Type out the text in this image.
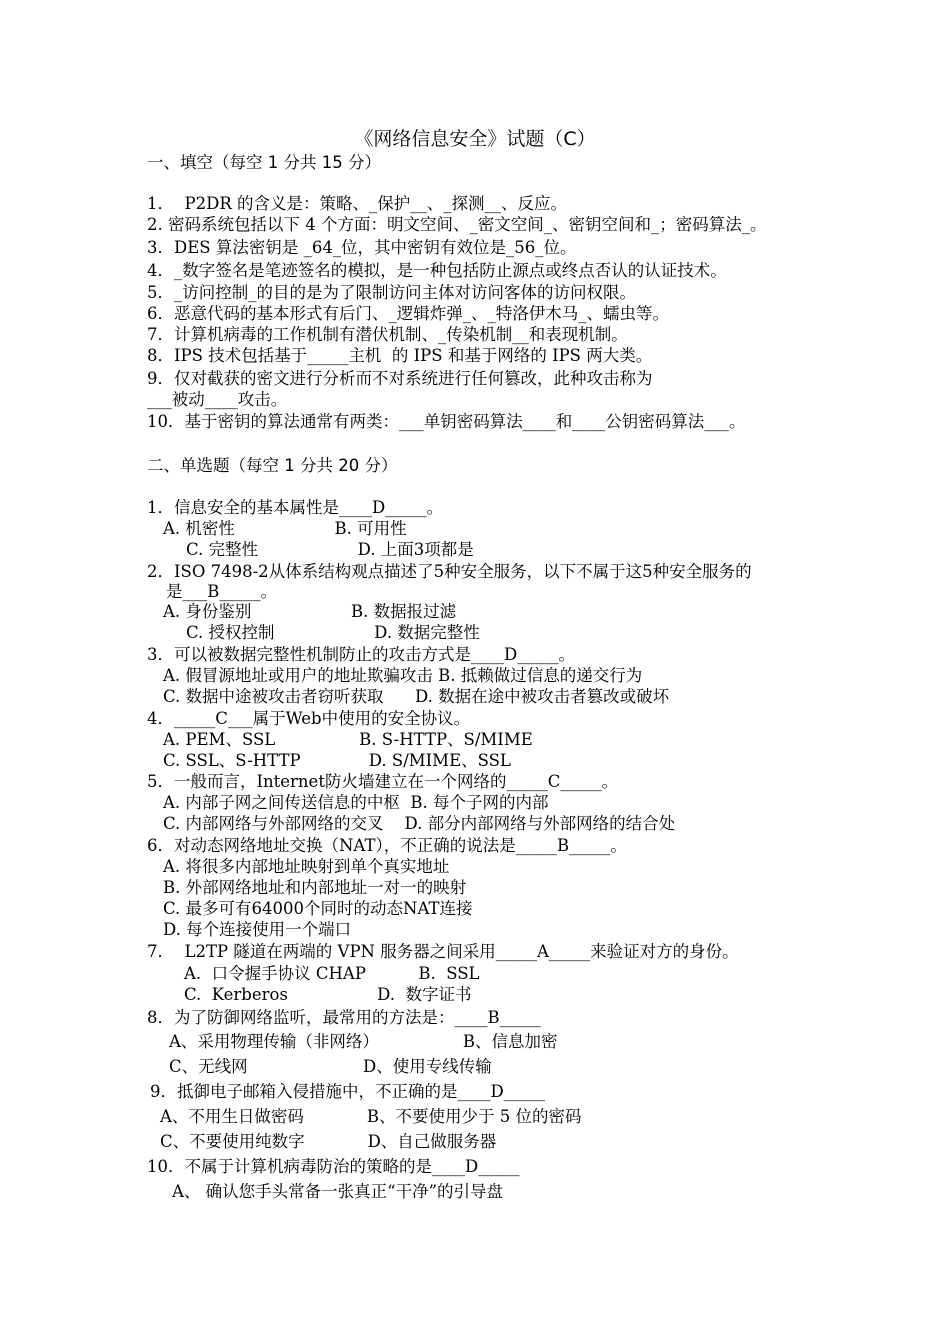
《网络信息安全》试题（C）
一、填空（每空 1 分共 15 分）
1．  P2DR 的含义是：策略、_保护__、_探测__、反应。
2. 密码系统包括以下 4 个方面：明文空间、_密文空间_、密钥空间和_；密码算法_。
3．DES 算法密钥是 _64_位，其中密钥有效位是_56_位。
4．_数字签名是笔迹签名的模拟，是一种包括防止源点或终点否认的认证技术。
5．_访问控制_的目的是为了限制访问主体对访问客体的访问权限。
6．恶意代码的基本形式有后门、_逻辑炸弹_、_特洛伊木马_、蠕虫等。
7．计算机病毒的工作机制有潜伏机制、_传染机制__和表现机制。
8．IPS 技术包括基于_____主机  的 IPS 和基于网络的 IPS 两大类。
9．仅对截获的密文进行分析而不对系统进行任何篡改，此种攻击称为
___被动____攻击。
10．基于密钥的算法通常有两类：___单钥密码算法____和____公钥密码算法___。
二、单选题（每空 1 分共 20 分）
1．信息安全的基本属性是____D_____。
A. 机密性                   B. 可用性
C. 完整性                   D. 上面3项都是
2．ISO 7498-2从体系结构观点描述了5种安全服务，以下不属于这5种安全服务的
是___B_____。
A. 身份鉴别                   B. 数据报过滤
C. 授权控制                   D. 数据完整性
3．可以被数据完整性机制防止的攻击方式是____D_____。
A. 假冒源地址或用户的地址欺骗攻击 B. 抵赖做过信息的递交行为
C. 数据中途被攻击者窃听获取      D. 数据在途中被攻击者篡改或破坏
4．_____C___属于Web中使用的安全协议。
A. PEM、SSL                B. S-HTTP、S/MIME
C. SSL、S-HTTP             D. S/MIME、SSL
5．一般而言，Internet防火墙建立在一个网络的_____C_____。
A. 内部子网之间传送信息的中枢  B. 每个子网的内部
C. 内部网络与外部网络的交叉    D. 部分内部网络与外部网络的结合处
6．对动态网络地址交换（NAT），不正确的说法是_____B_____。
A. 将很多内部地址映射到单个真实地址
B. 外部网络地址和内部地址一对一的映射
C. 最多可有64000个同时的动态NAT连接
D. 每个连接使用一个端口
7．  L2TP 隧道在两端的 VPN 服务器之间采用_____A_____来验证对方的身份。
A.  口令握手协议 CHAP          B.  SSL
C.  Kerberos                 D.  数字证书
8．为了防御网络监听，最常用的方法是：____B_____
A、采用物理传输（非网络）                B、信息加密
C、无线网                      D、使用专线传输
9．抵御电子邮箱入侵措施中，不正确的是____D_____
A、不用生日做密码            B、不要使用少于 5 位的密码
C、不要使用纯数字            D、自己做服务器
10．不属于计算机病毒防治的策略的是____D_____
A、 确认您手头常备一张真正“干净”的引导盘
